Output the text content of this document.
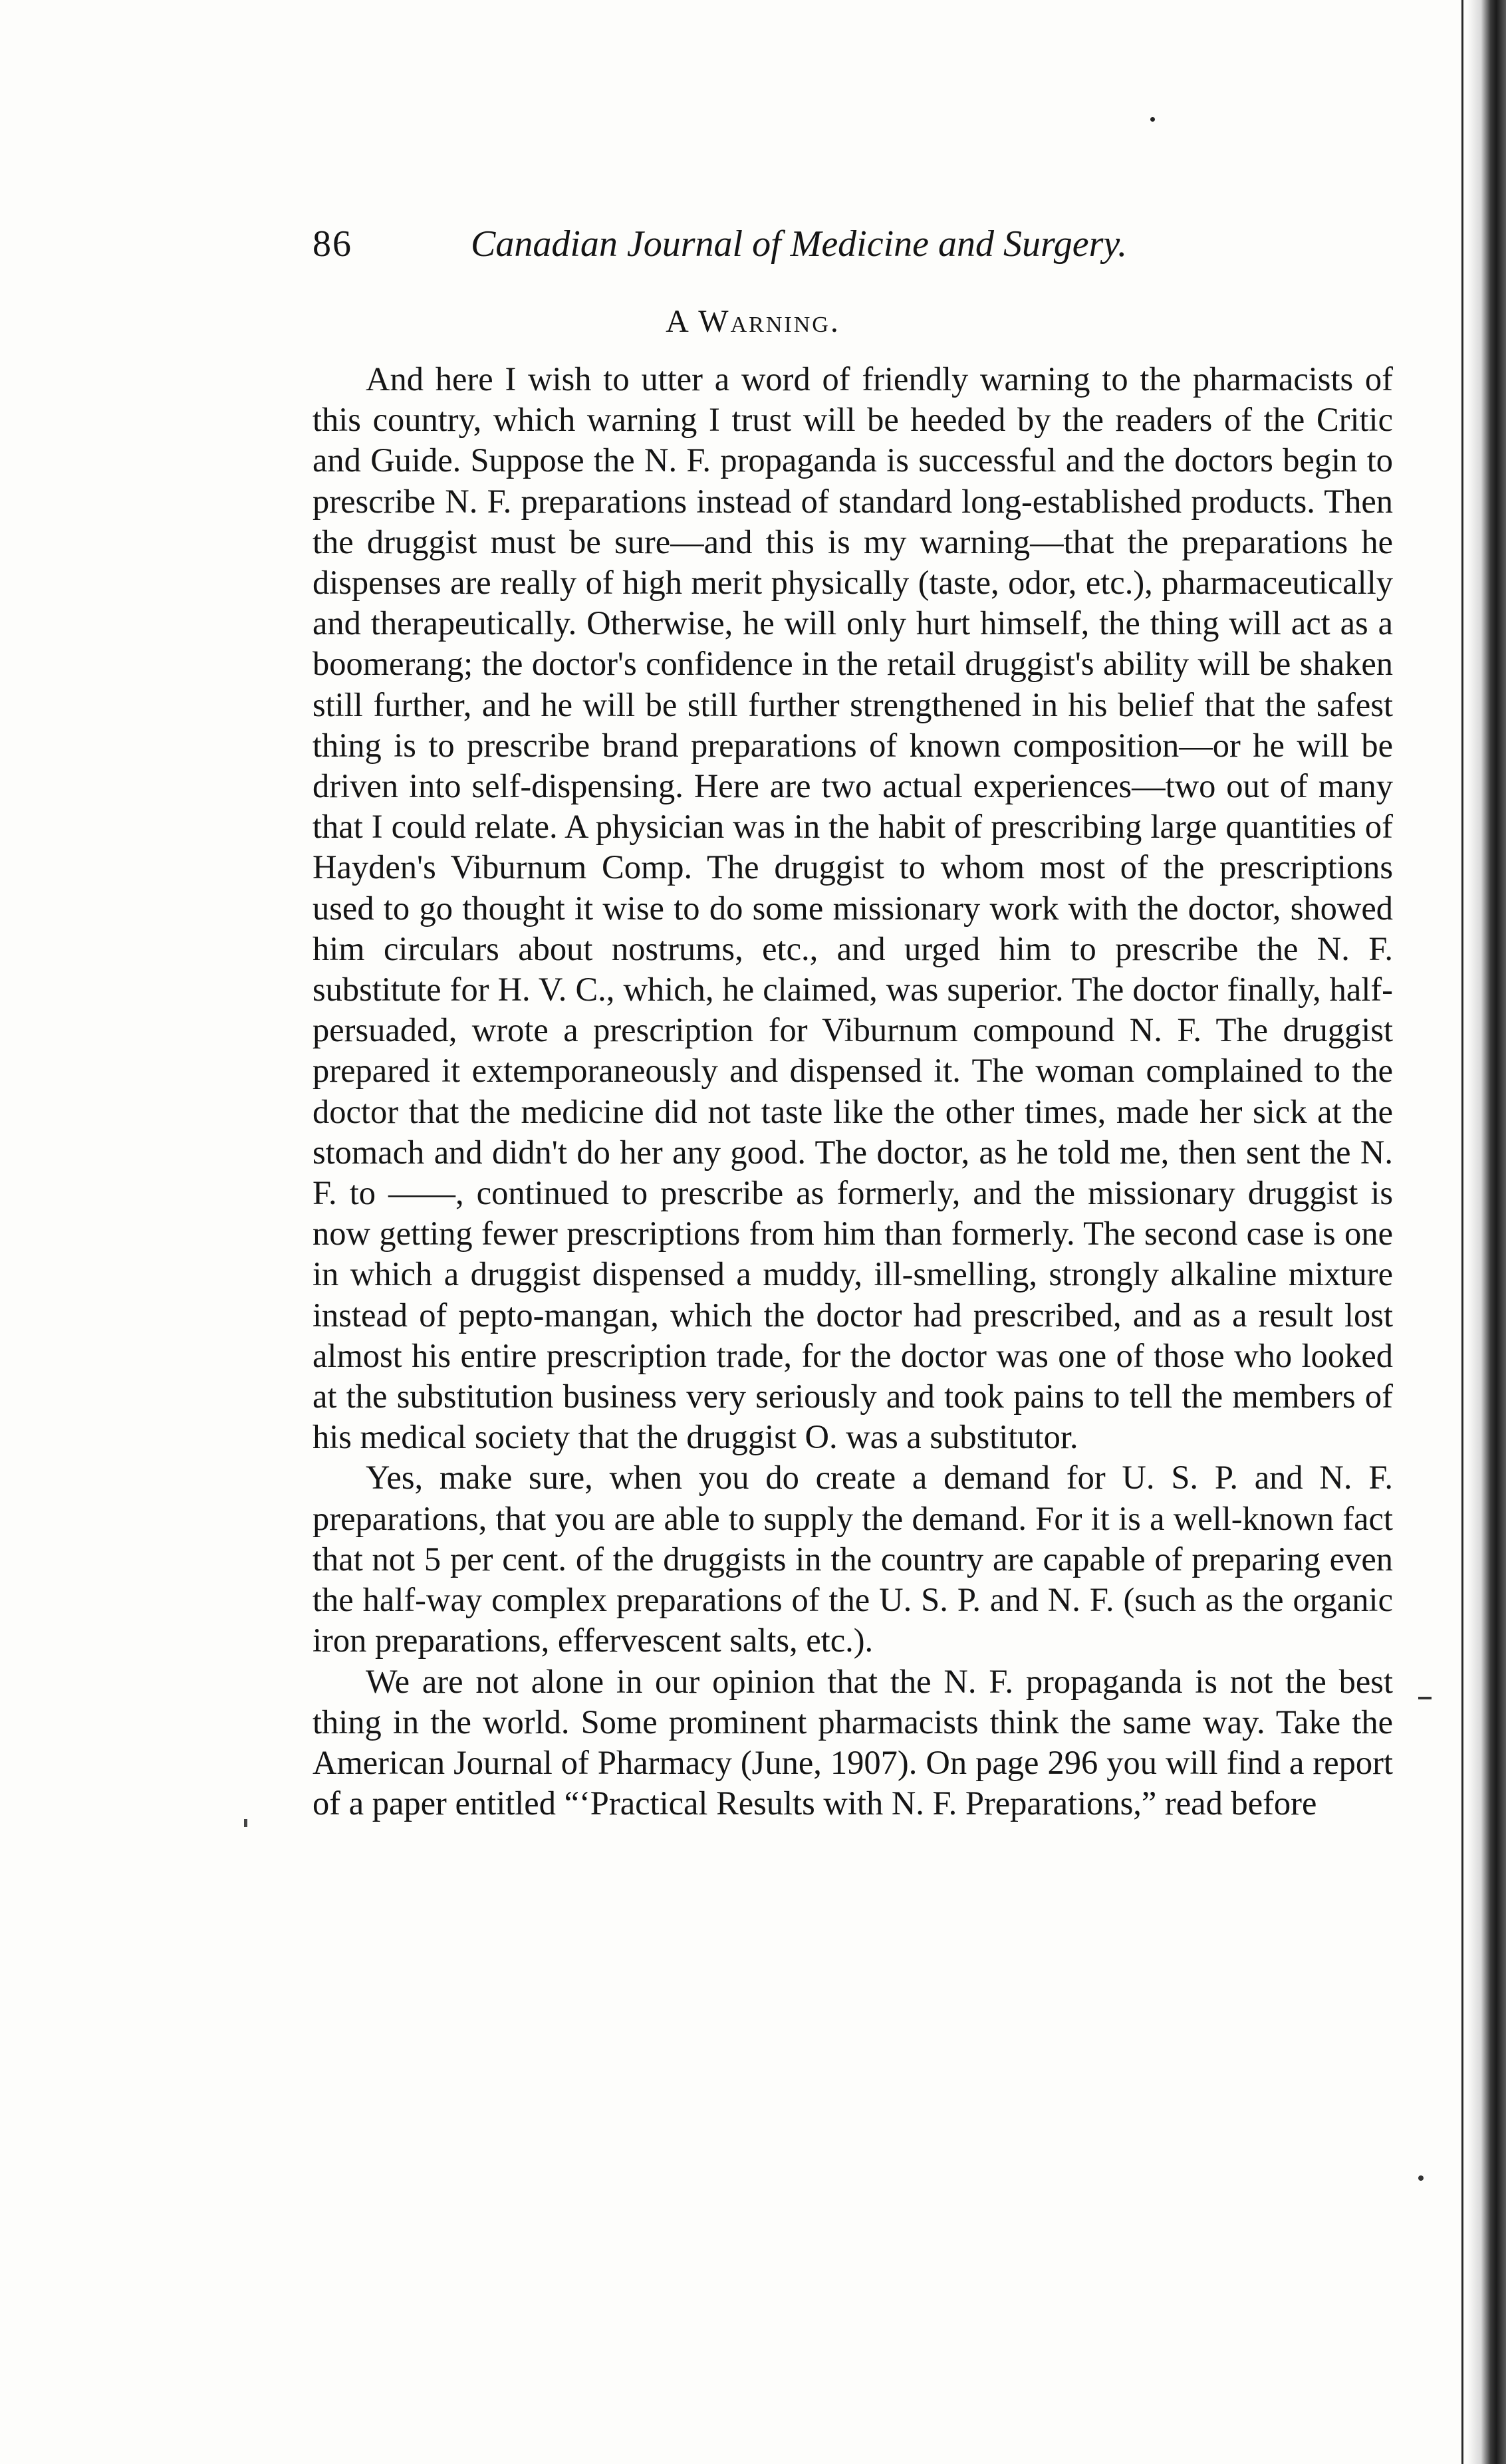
86	Canadian Journal of Medicine and Surgery.
A Warning.

And here I wish to utter a word of friendly warning to the pharmacists of this country, which warning I trust will be heeded by the readers of the Critic and Guide. Suppose the N. F. propaganda is successful and the doctors begin to prescribe N. F. preparations instead of standard long-established products. Then the druggist must be sure—and this is my warning—that the preparations he dispenses are really of high merit physically (taste, odor, etc.), pharmaceutically and therapeutically. Otherwise, he will only hurt himself, the thing will act as a boomerang; the doctor's confidence in the retail druggist's ability will be shaken still further, and he will be still further strengthened in his belief that the safest thing is to prescribe brand preparations of known composition—or he will be driven into self-dispensing. Here are two actual experiences—two out of many that I could relate. A physician was in the habit of prescribing large quantities of Hayden's Viburnum Comp. The druggist to whom most of the prescriptions used to go thought it wise to do some missionary work with the doctor, showed him circulars about nostrums, etc., and urged him to prescribe the N. F. substitute for H. V. C., which, he claimed, was superior. The doctor finally, half-persuaded, wrote a prescription for Viburnum compound N. F. The druggist prepared it extemporaneously and dispensed it. The woman complained to the doctor that the medicine did not taste like the other times, made her sick at the stomach and didn't do her any good. The doctor, as he told me, then sent the N. F. to ——, continued to prescribe as formerly, and the missionary druggist is now getting fewer prescriptions from him than formerly. The second case is one in which a druggist dispensed a muddy, ill-smelling, strongly alkaline mixture instead of pepto-mangan, which the doctor had prescribed, and as a result lost almost his entire prescription trade, for the doctor was one of those who looked at the substitution business very seriously and took pains to tell the members of his medical society that the druggist O. was a substitutor.

Yes, make sure, when you do create a demand for U. S. P. and N. F. preparations, that you are able to supply the demand. For it is a well-known fact that not 5 per cent. of the druggists in the country are capable of preparing even the half-way complex preparations of the U. S. P. and N. F. (such as the organic iron preparations, effervescent salts, etc.).

We are not alone in our opinion that the N. F. propaganda is not the best thing in the world. Some prominent pharmacists think the same way. Take the American Journal of Pharmacy (June, 1907). On page 296 you will find a report of a paper entitled “‘Practical Results with N. F. Preparations,” read before
